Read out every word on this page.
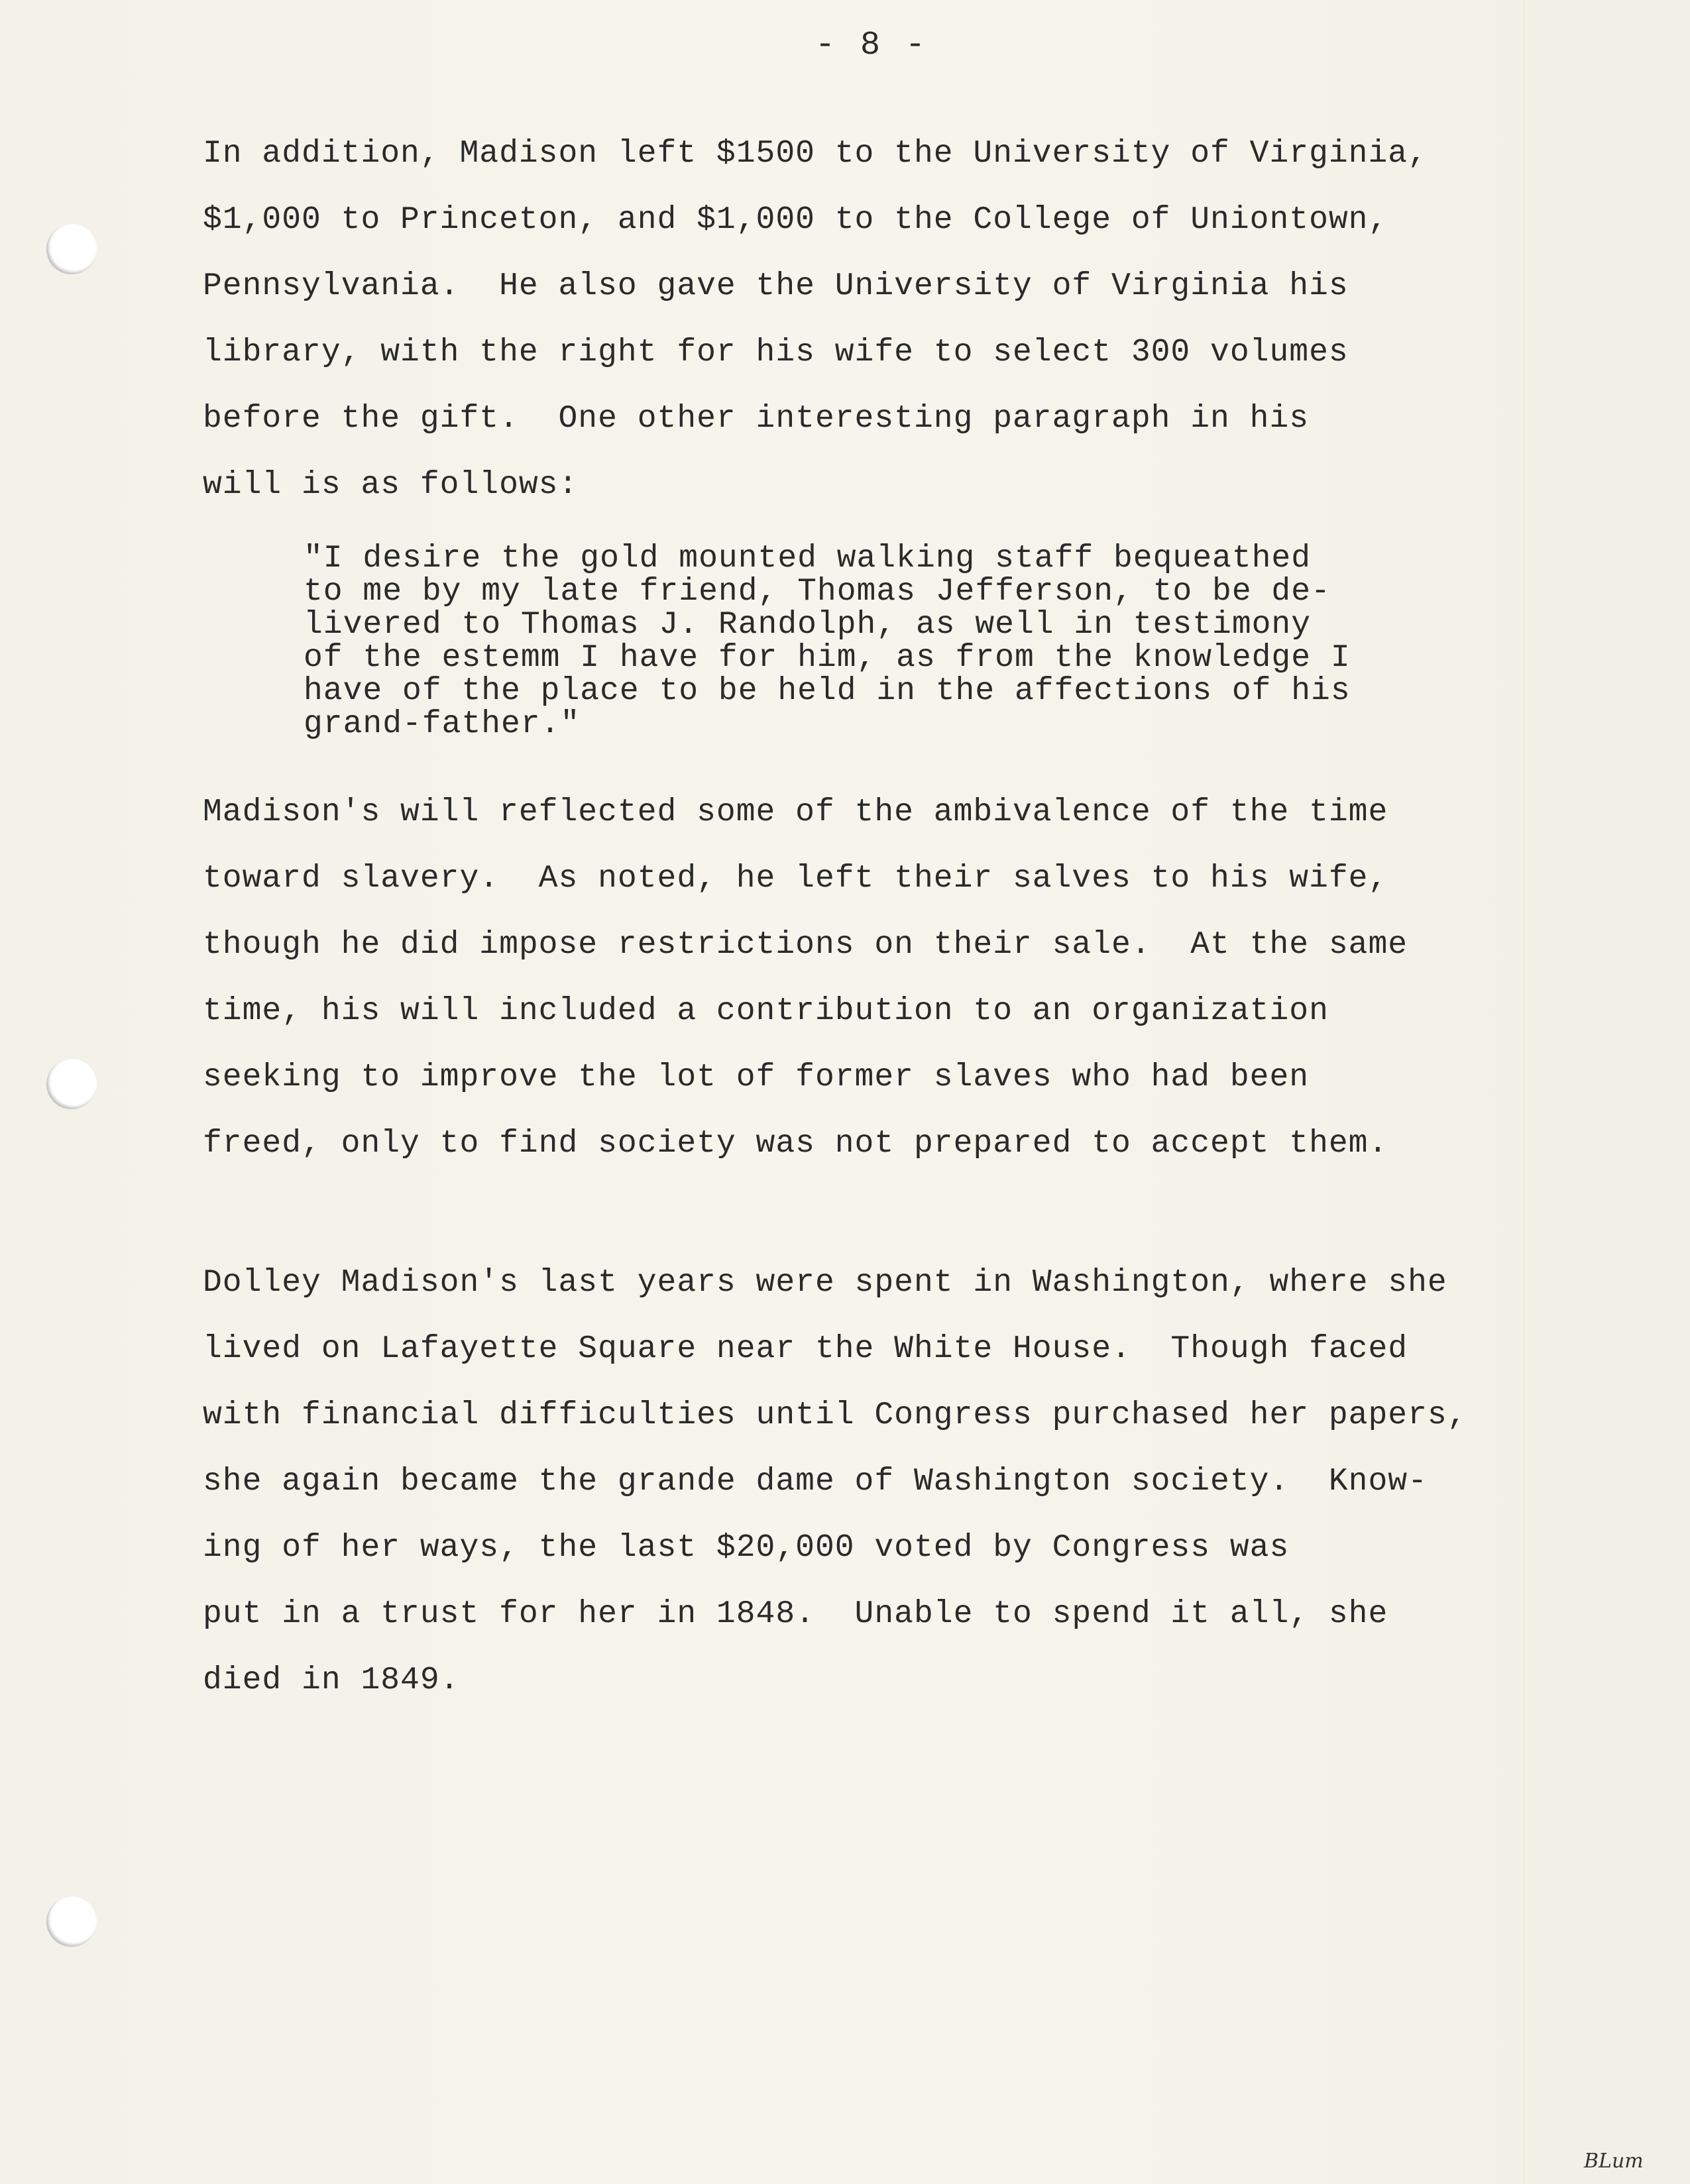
- 8 -
In addition, Madison left $1500 to the University of Virginia,
$1,000 to Princeton, and $1,000 to the College of Uniontown,
Pennsylvania.  He also gave the University of Virginia his
library, with the right for his wife to select 300 volumes
before the gift.  One other interesting paragraph in his
will is as follows:
"I desire the gold mounted walking staff bequeathed
to me by my late friend, Thomas Jefferson, to be de-
livered to Thomas J. Randolph, as well in testimony
of the estemm I have for him, as from the knowledge I
have of the place to be held in the affections of his
grand-father."
Madison's will reflected some of the ambivalence of the time
toward slavery.  As noted, he left their salves to his wife,
though he did impose restrictions on their sale.  At the same
time, his will included a contribution to an organization
seeking to improve the lot of former slaves who had been
freed, only to find society was not prepared to accept them.
Dolley Madison's last years were spent in Washington, where she
lived on Lafayette Square near the White House.  Though faced
with financial difficulties until Congress purchased her papers,
she again became the grande dame of Washington society.  Know-
ing of her ways, the last $20,000 voted by Congress was
put in a trust for her in 1848.  Unable to spend it all, she
died in 1849.
BLum
